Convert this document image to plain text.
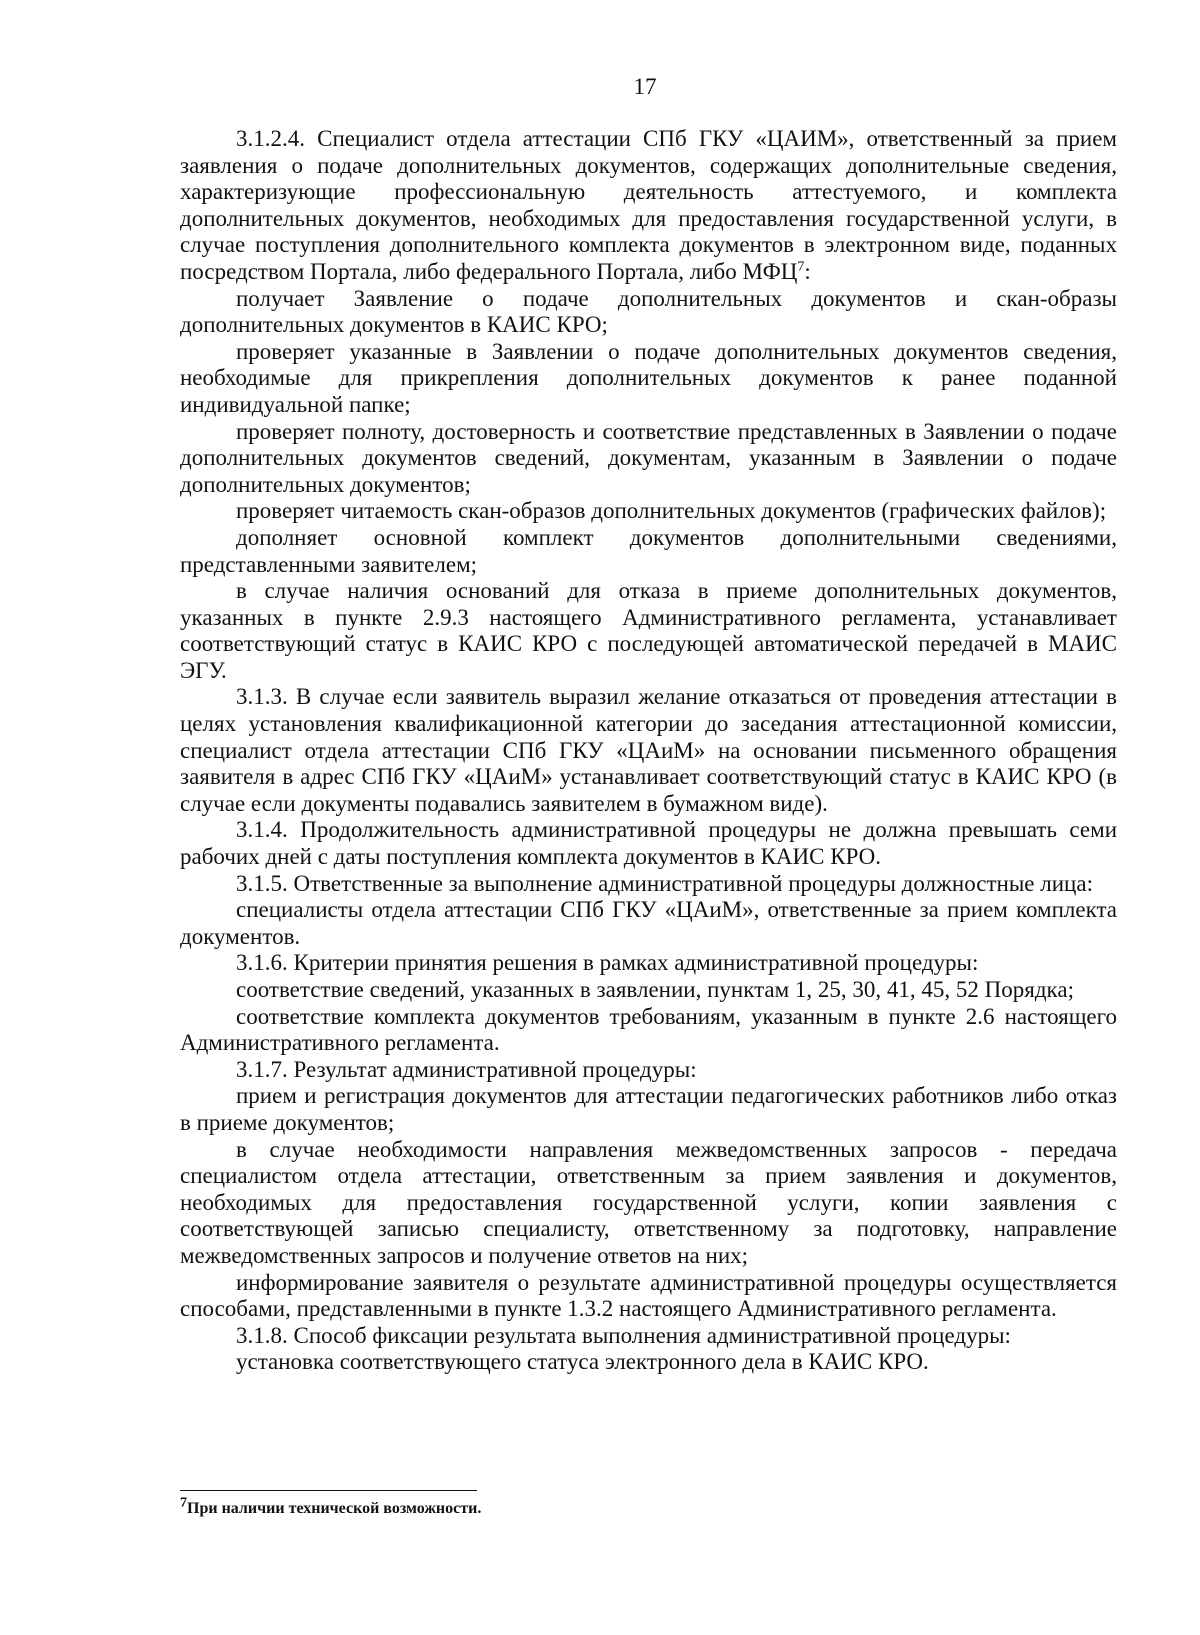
17

3.1.2.4. Специалист отдела аттестации СПб ГКУ «ЦАИМ», ответственный за прием заявления о подаче дополнительных документов, содержащих дополнительные сведения, характеризующие профессиональную деятельность аттестуемого, и комплекта дополнительных документов, необходимых для предоставления государственной услуги, в случае поступления дополнительного комплекта документов в электронном виде, поданных посредством Портала, либо федерального Портала, либо МФЦ$^7$:

получает Заявление о подаче дополнительных документов и скан-образы дополнительных документов в КАИС КРО;

проверяет указанные в Заявлении о подаче дополнительных документов сведения, необходимые для прикрепления дополнительных документов к ранее поданной индивидуальной папке;

проверяет полноту, достоверность и соответствие представленных в Заявлении о подаче дополнительных документов сведений, документам, указанным в Заявлении о подаче дополнительных документов;

проверяет читаемость скан-образов дополнительных документов (графических файлов);

дополняет основной комплект документов дополнительными сведениями, представленными заявителем;

в случае наличия оснований для отказа в приеме дополнительных документов, указанных в пункте 2.9.3 настоящего Административного регламента, устанавливает соответствующий статус в КАИС КРО с последующей автоматической передачей в МАИС ЭГУ.

3.1.3. В случае если заявитель выразил желание отказаться от проведения аттестации в целях установления квалификационной категории до заседания аттестационной комиссии, специалист отдела аттестации СПб ГКУ «ЦАиМ» на основании письменного обращения заявителя в адрес СПб ГКУ «ЦАиМ» устанавливает соответствующий статус в КАИС КРО (в случае если документы подавались заявителем в бумажном виде).

3.1.4. Продолжительность административной процедуры не должна превышать семи рабочих дней с даты поступления комплекта документов в КАИС КРО.

3.1.5. Ответственные за выполнение административной процедуры должностные лица:

специалисты отдела аттестации СПб ГКУ «ЦАиМ», ответственные за прием комплекта документов.

3.1.6. Критерии принятия решения в рамках административной процедуры:

соответствие сведений, указанных в заявлении, пунктам 1, 25, 30, 41, 45, 52 Порядка;

соответствие комплекта документов требованиям, указанным в пункте 2.6 настоящего Административного регламента.

3.1.7. Результат административной процедуры:

прием и регистрация документов для аттестации педагогических работников либо отказ в приеме документов;

в случае необходимости направления межведомственных запросов - передача специалистом отдела аттестации, ответственным за прием заявления и документов, необходимых для предоставления государственной услуги, копии заявления с соответствующей записью специалисту, ответственному за подготовку, направление межведомственных запросов и получение ответов на них;

информирование заявителя о результате административной процедуры осуществляется способами, представленными в пункте 1.3.2 настоящего Административного регламента.

3.1.8. Способ фиксации результата выполнения административной процедуры:

установка соответствующего статуса электронного дела в КАИС КРО.

$^7$При наличии технической возможности.
